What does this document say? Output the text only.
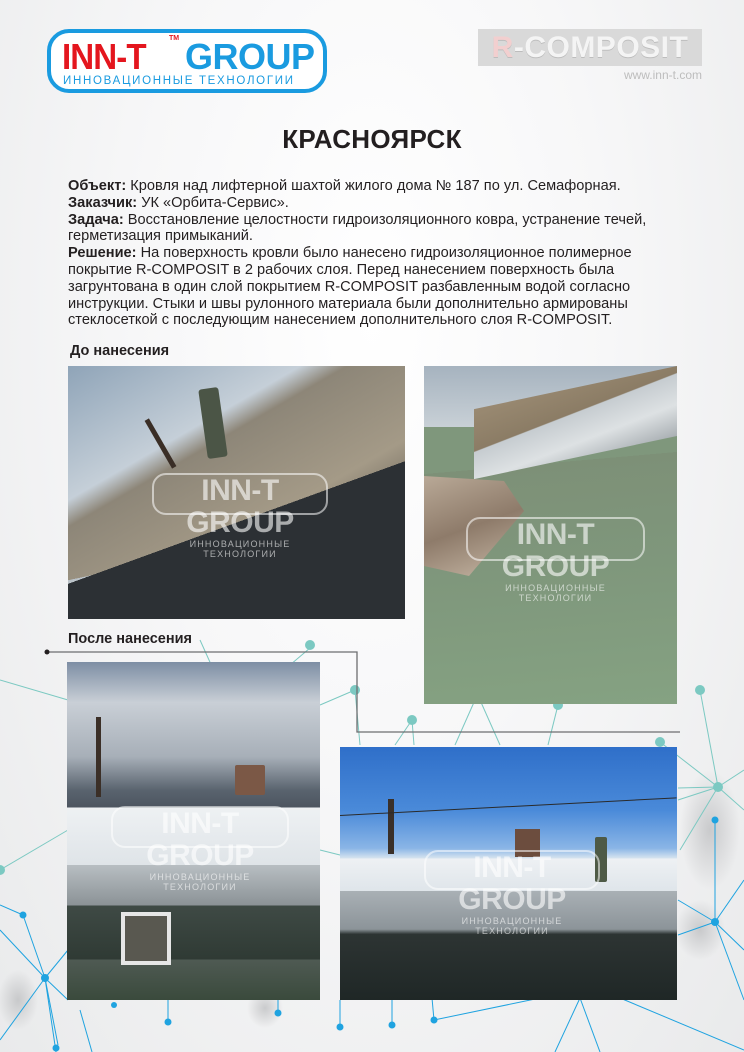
INN-T	TM GROUP
ИННОВАЦИОННЫЕ ТЕХНОЛОГИИ
R-COMPOSIT
www.inn-t.com
КРАСНОЯРСК

Объект: Кровля над лифтерной шахтой жилого дома № 187 по ул. Семафорная.

Заказчик: УК «Орбита-Сервис».

Задача: Восстановление целостности гидроизоляционного ковра, устранение течей, герметизация примыканий.

Решение: На поверхность кровли было нанесено гидроизоляционное полимерное покрытие R-COMPOSIT в 2 рабочих слоя. Перед нанесением поверхность была загрунтована в один слой покрытием R-COMPOSIT разбавленным водой согласно инструкции. Стыки и швы рулонного материала были дополнительно армированы стеклосеткой с последующим нанесением дополнительного слоя R-COMPOSIT.

До нанесения
INN-T GROUP
ИННОВАЦИОННЫЕ ТЕХНОЛОГИИ
INN-T GROUP
ИННОВАЦИОННЫЕ ТЕХНОЛОГИИ
После нанесения
INN-T GROUP
ИННОВАЦИОННЫЕ ТЕХНОЛОГИИ
INN-T GROUP
ИННОВАЦИОННЫЕ ТЕХНОЛОГИИ
